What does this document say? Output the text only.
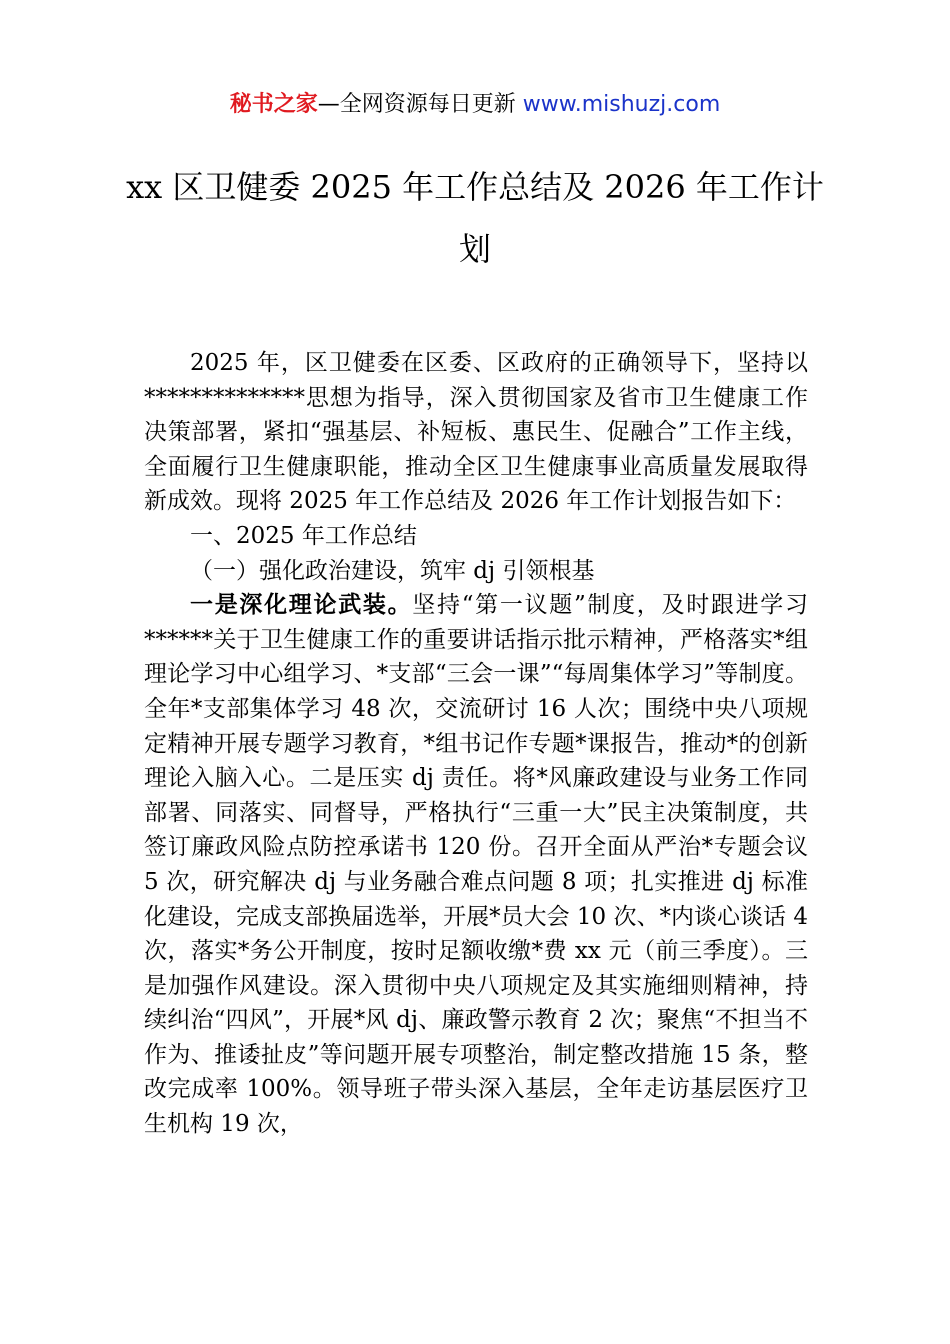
秘书之家—全网资源每日更新 www.mishuzj.com
xx 区卫健委 2025 年工作总结及 2026 年工作计划

2025 年，区卫健委在区委、区政府的正确领导下，坚持以**************思想为指导，深入贯彻国家及省市卫生健康工作决策部署，紧扣“强基层、补短板、惠民生、促融合”工作主线，全面履行卫生健康职能，推动全区卫生健康事业高质量发展取得新成效。现将 2025 年工作总结及 2026 年工作计划报告如下：

一、2025 年工作总结

（一）强化政治建设，筑牢 dj 引领根基

一是深化理论武装。坚持“第一议题”制度，及时跟进学习******关于卫生健康工作的重要讲话指示批示精神，严格落实*组理论学习中心组学习、*支部“三会一课”“每周集体学习”等制度。全年*支部集体学习 48 次，交流研讨 16 人次；围绕中央八项规定精神开展专题学习教育，*组书记作专题*课报告，推动*的创新理论入脑入心。二是压实 dj 责任。将*风廉政建设与业务工作同部署、同落实、同督导，严格执行“三重一大”民主决策制度，共签订廉政风险点防控承诺书 120 份。召开全面从严治*专题会议 5 次，研究解决 dj 与业务融合难点问题 8 项；扎实推进 dj 标准化建设，完成支部换届选举，开展*员大会 10 次、*内谈心谈话 4 次，落实*务公开制度，按时足额收缴*费 xx 元（前三季度）。三是加强作风建设。深入贯彻中央八项规定及其实施细则精神，持续纠治“四风”，开展*风 dj、廉政警示教育 2 次；聚焦“不担当不作为、推诿扯皮”等问题开展专项整治，制定整改措施 15 条，整改完成率 100%。领导班子带头深入基层，全年走访基层医疗卫生机构 19 次，
